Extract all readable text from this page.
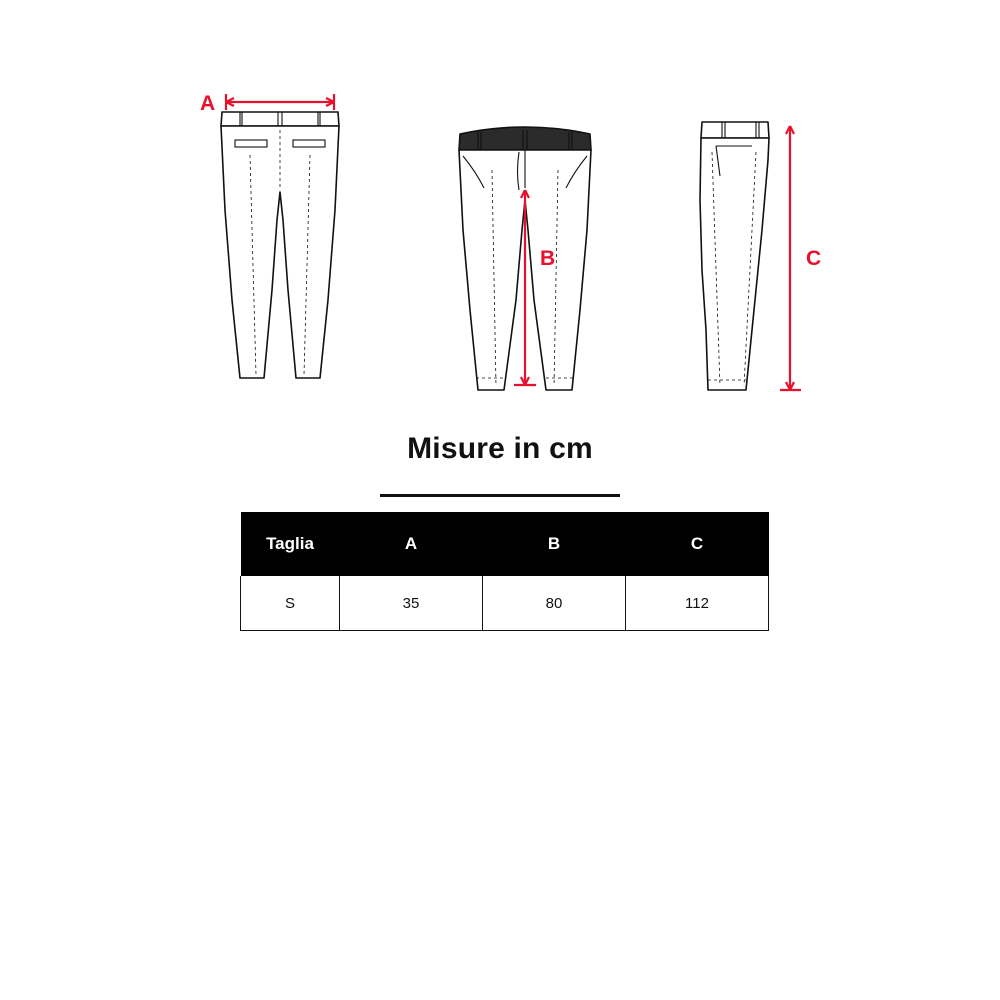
A
B	C
Misure in cm
Taglia	A	B	C
S	35	80	112
